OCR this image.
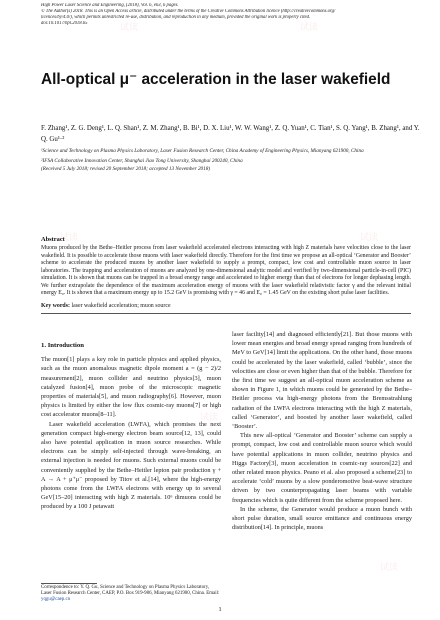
High Power Laser Science and Engineering, (2018), Vol. 6, e63, 6 pages.
© The Author(s) 2018. This is an Open Access article, distributed under the terms of the Creative Commons Attribution licence (http://creativecommons.org/
licences/by/4.0/), which permits unrestricted re-use, distribution, and reproduction in any medium, provided the original work is properly cited.
doi:10.1017/hpl.2018.65
All-optical μ⁻ acceleration in the laser wakefield
F. Zhang¹, Z. G. Deng¹, L. Q. Shan¹, Z. M. Zhang¹, B. Bi¹, D. X. Liu¹, W. W. Wang¹, Z. Q. Yuan¹, C. Tian¹, S. Q. Yang¹, B. Zhang¹, and Y. Q. Gu¹·²
¹Science and Technology on Plasma Physics Laboratory, Laser Fusion Research Center, China Academy of Engineering Physics, Mianyang 621900, China
²IFSA Collaborative Innovation Center, Shanghai Jiao Tong University, Shanghai 200240, China
(Received 5 July 2018; revised 20 September 2018; accepted 13 November 2018)
Abstract
Muons produced by the Bethe–Heitler process from laser wakefield accelerated electrons interacting with high Z materials have velocities close to the laser wakefield. It is possible to accelerate those muons with laser wakefield directly. Therefore for the first time we propose an all-optical ‘Generator and Booster’ scheme to accelerate the produced muons by another laser wakefield to supply a prompt, compact, low cost and controllable muon source in laser laboratories. The trapping and acceleration of muons are analyzed by one-dimensional analytic model and verified by two-dimensional particle-in-cell (PIC) simulation. It is shown that muons can be trapped in a broad energy range and accelerated to higher energy than that of electrons for longer dephasing length. We further extrapolate the dependence of the maximum acceleration energy of muons with the laser wakefield relativistic factor γ and the relevant initial energy E₀. It is shown that a maximum energy up to 15.2 GeV is promising with γ = 46 and E₀ = 1.45 GeV on the existing short pulse laser facilities.
Key words: laser wakefield acceleration; muon source
1. Introduction

The muon[1] plays a key role in particle physics and applied physics, such as the muon anomalous magnetic dipole moment a = (g − 2)/2 measurement[2], muon collider and neutrino physics[3], muon catalyzed fusion[4], muon probe of the microscopic magnetic properties of materials[5], and muon radiography[6]. However, muon physics is limited by either the low flux cosmic-ray muons[7] or high cost accelerator muons[8–11].

Laser wakefield acceleration (LWFA), which promises the next generation compact high-energy electron beam source[12, 13], could also have potential application in muon source researches. While electrons can be simply self-injected through wave-breaking, an external injection is needed for muons. Such external muons could be conveniently supplied by the Bethe–Heitler lepton pair production γ + A → A + μ⁺μ⁻ proposed by Titov et al.[14], where the high-energy photons come from the LWFA electrons with energy up to several GeV[15–20] interacting with high Z materials. 10⁶ dimuons could be produced by a 100 J petawatt

laser facility[14] and diagnosed efficiently[21]. But those muons with lower mean energies and broad energy spread ranging from hundreds of MeV to GeV[14] limit the applications. On the other hand, those muons could be accelerated by the laser wakefield, called ‘bubble’, since the velocities are close or even higher than that of the bubble. Therefore for the first time we suggest an all-optical muon acceleration scheme as shown in Figure 1, in which muons could be generated by the Bethe–Heitler process via high-energy photons from the Bremsstrahlung radiation of the LWFA electrons interacting with the high Z materials, called ‘Generator’, and boosted by another laser wakefield, called ‘Booster’.

This new all-optical ‘Generator and Booster’ scheme can supply a prompt, compact, low cost and controllable muon source which would have potential applications in muon collider, neutrino physics and Higgs Factory[3], muon acceleration in cosmic-ray sources[22] and other related muon physics. Peano et al. also proposed a scheme[23] to accelerate ‘cold’ muons by a slow ponderomotive beat-wave structure driven by two counterpropagating laser beams with variable frequencies which is quite different from the scheme proposed here.

In the scheme, the Generator would produce a muon bunch with short pulse duration, small source emittance and continuous energy distribution[14]. In principle, muons

Correspondence to: Y. Q. Gu, Science and Technology on Plasma Physics Laboratory, Laser Fusion Research Center, CAEP, P.O. Box 919-986, Mianyang 621900, China. Email: yqgu@caep.cn
1
试读	试读
试读	试读
试读
试读
